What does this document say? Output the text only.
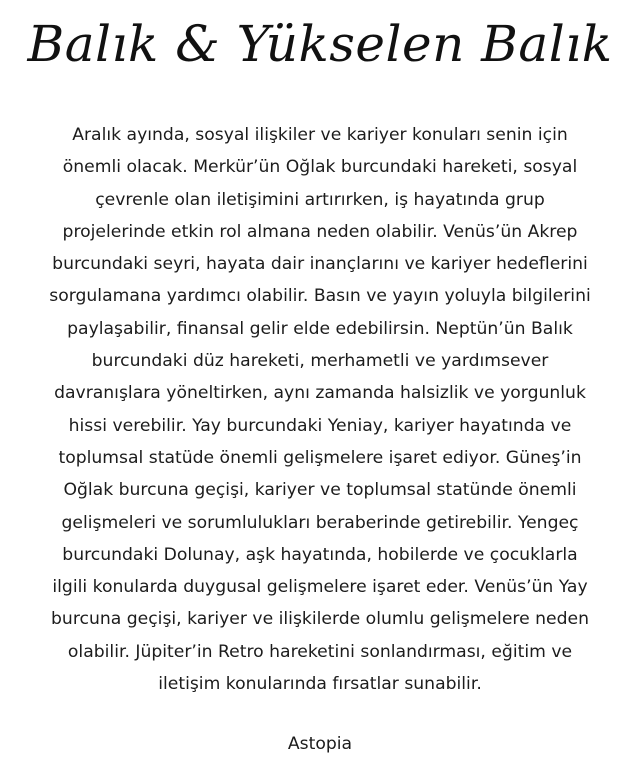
Balık & Yükselen Balık
Aralık ayında, sosyal ilişkiler ve kariyer konuları senin için
önemli olacak. Merkür’ün Oğlak burcundaki hareketi, sosyal
çevrenle olan iletişimini artırırken, iş hayatında grup
projelerinde etkin rol almana neden olabilir. Venüs’ün Akrep
burcundaki seyri, hayata dair inançlarını ve kariyer hedeflerini
sorgulamana yardımcı olabilir. Basın ve yayın yoluyla bilgilerini
paylaşabilir, finansal gelir elde edebilirsin. Neptün’ün Balık
burcundaki düz hareketi, merhametli ve yardımsever
davranışlara yöneltirken, aynı zamanda halsizlik ve yorgunluk
hissi verebilir. Yay burcundaki Yeniay, kariyer hayatında ve
toplumsal statüde önemli gelişmelere işaret ediyor. Güneş’in
Oğlak burcuna geçişi, kariyer ve toplumsal statünde önemli
gelişmeleri ve sorumlulukları beraberinde getirebilir. Yengeç
burcundaki Dolunay, aşk hayatında, hobilerde ve çocuklarla
ilgili konularda duygusal gelişmelere işaret eder. Venüs’ün Yay
burcuna geçişi, kariyer ve ilişkilerde olumlu gelişmelere neden
olabilir. Jüpiter’in Retro hareketini sonlandırması, eğitim ve
iletişim konularında fırsatlar sunabilir.
Astopia
